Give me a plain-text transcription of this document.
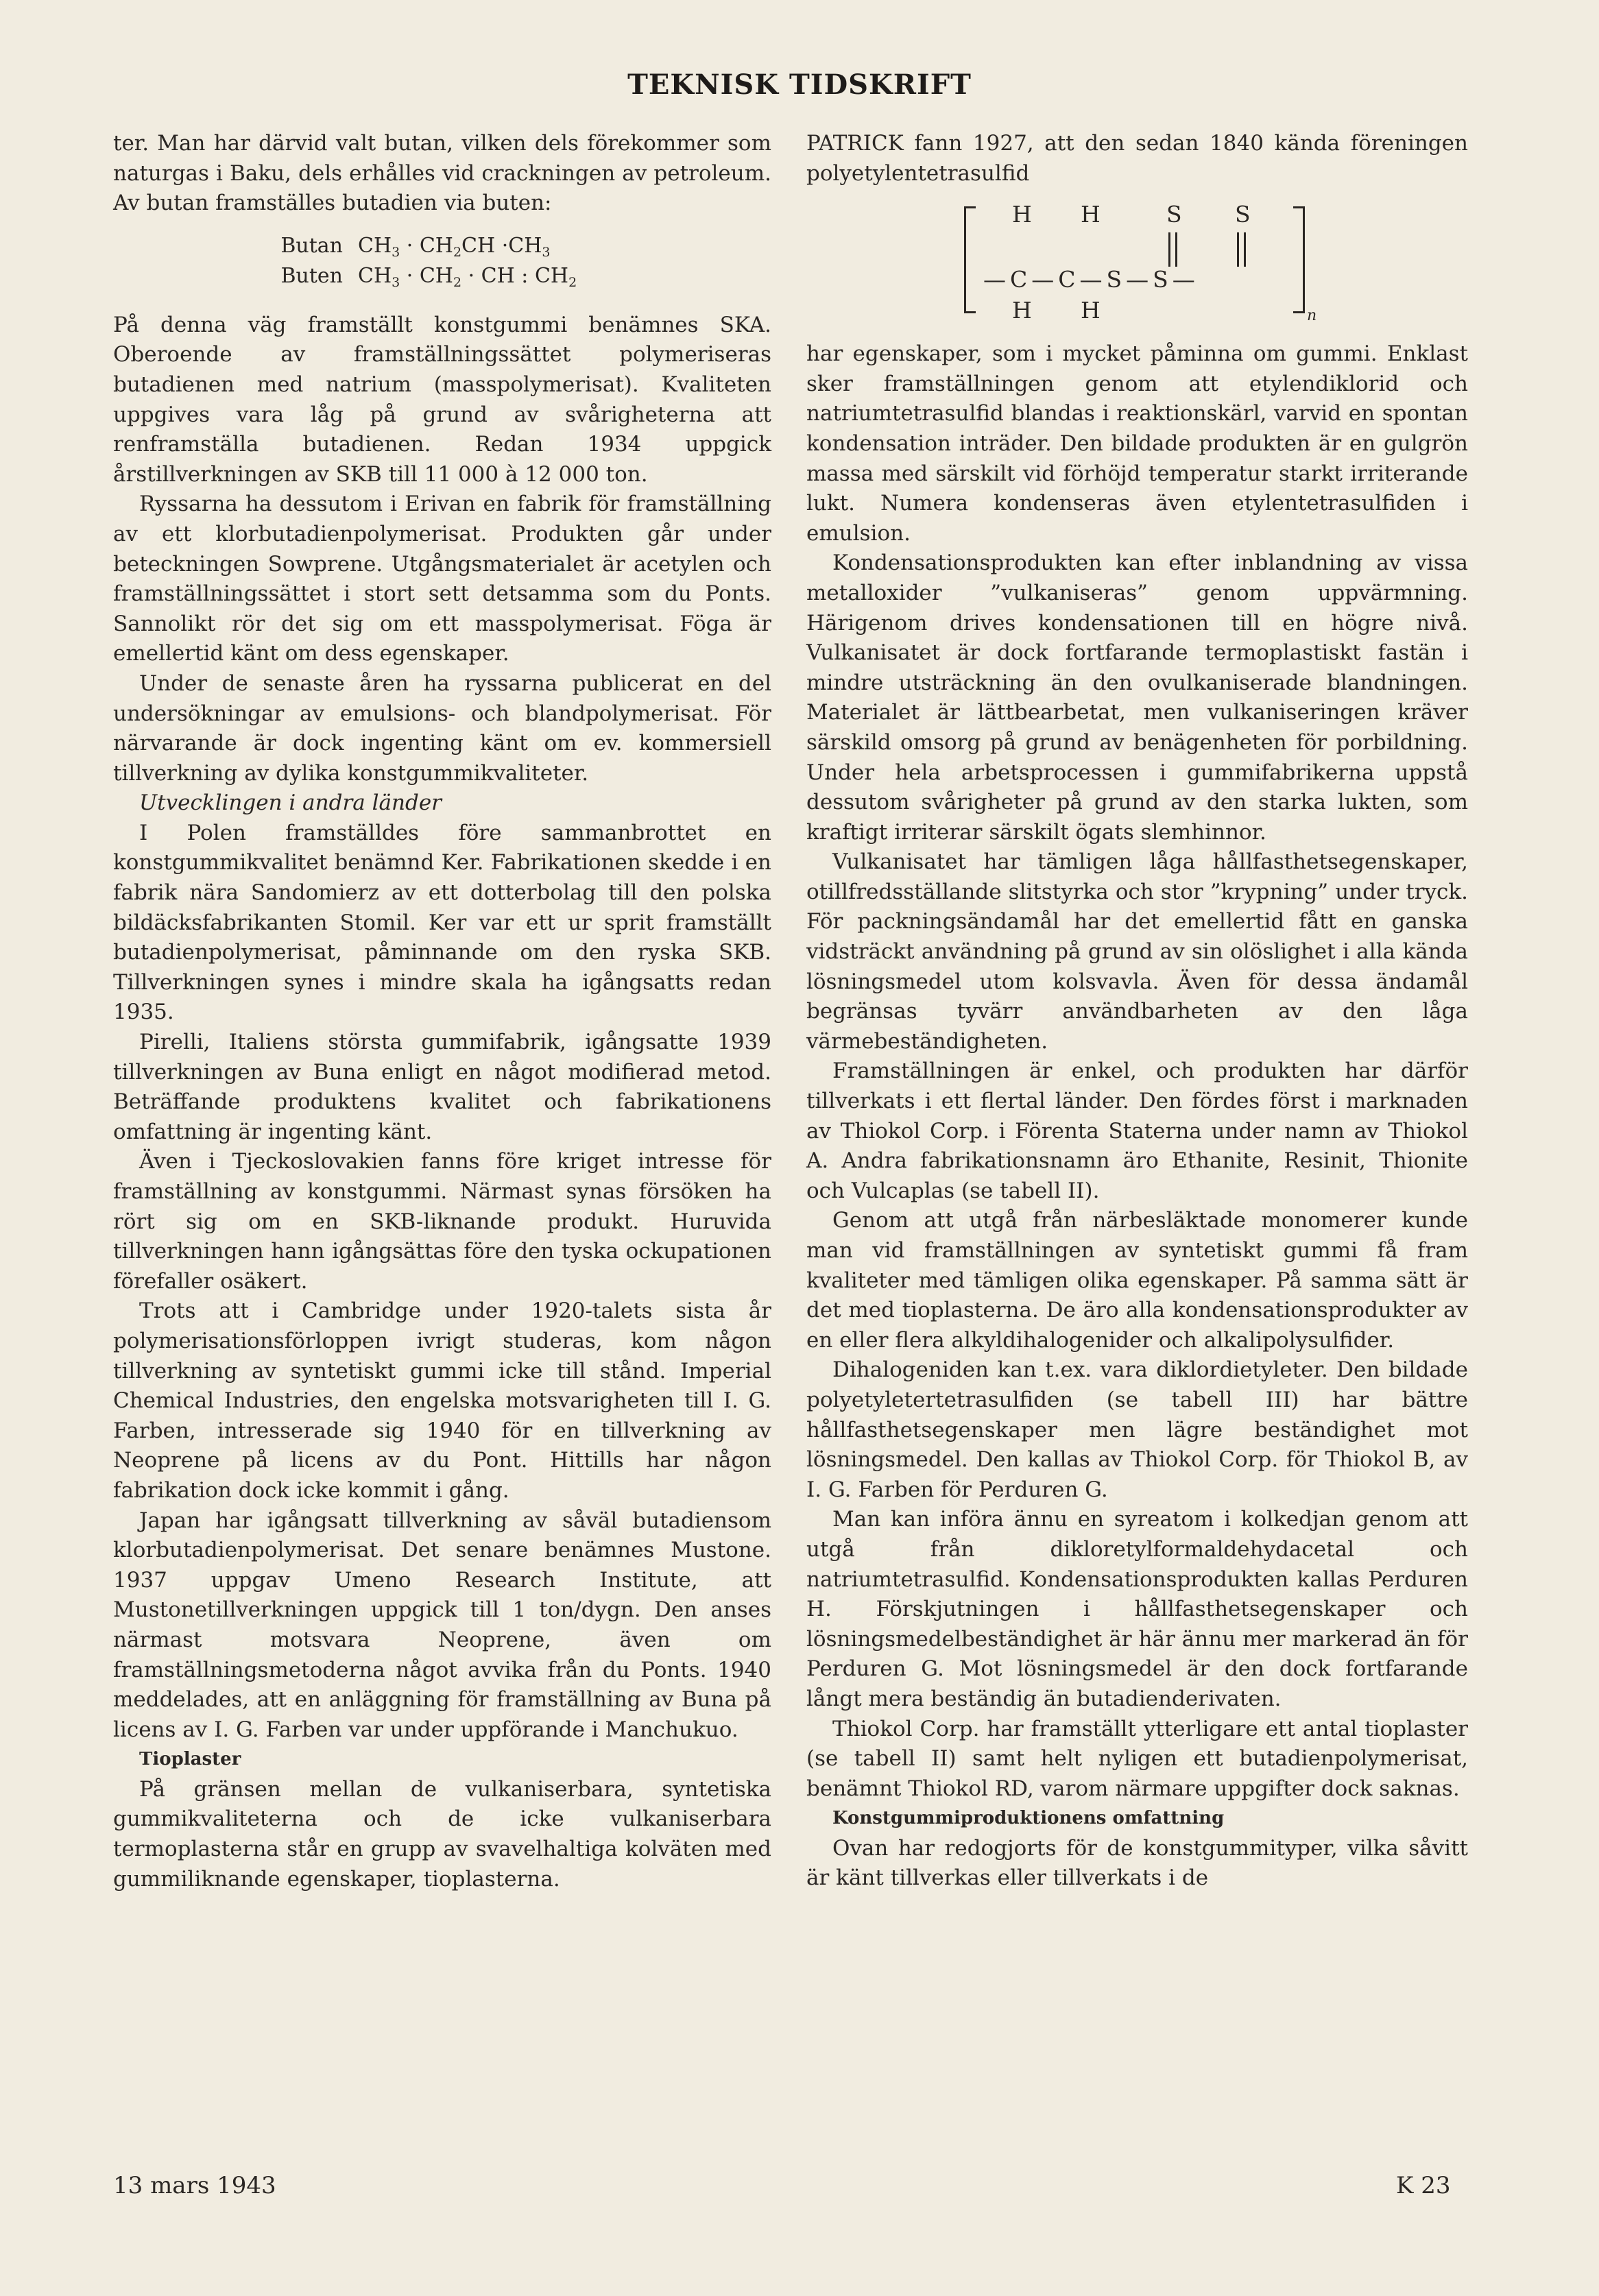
TEKNISK TIDSKRIFT

ter. Man har därvid valt butan, vilken dels förekommer som naturgas i Baku, dels erhålles vid crackningen av petroleum. Av butan framställes butadien via buten:

Butan $CH_3 \cdot CH_2CH \cdot CH_3$
Buten $CH_3 \cdot CH_2$ · CH : $CH_2$

På denna väg framställt konstgummi benämnes SKA. Oberoende av framställningssättet polymeriseras butadienen med natrium (masspolymerisat). Kvaliteten uppgives vara låg på grund av svårigheterna att renframställa butadienen. Redan 1934 uppgick årstillverkningen av SKB till 11 000 à 12 000 ton.

Ryssarna ha dessutom i Erivan en fabrik för framställning av ett klorbutadienpolymerisat. Produkten går under beteckningen Sowprene. Utgångsmaterialet är acetylen och framställningssättet i stort sett detsamma som du Ponts. Sannolikt rör det sig om ett masspolymerisat. Föga är emellertid känt om dess egenskaper.

Under de senaste åren ha ryssarna publicerat en del undersökningar av emulsions- och blandpolymerisat. För närvarande är dock ingenting känt om ev. kommersiell tillverkning av dylika konstgummikvaliteter.

Utvecklingen i andra länder

I Polen framställdes före sammanbrottet en konstgummikvalitet benämnd Ker. Fabrikationen skedde i en fabrik nära Sandomierz av ett dotterbolag till den polska bildäcksfabrikanten Stomil. Ker var ett ur sprit framställt butadienpolymerisat, påminnande om den ryska SKB. Tillverkningen synes i mindre skala ha igångsatts redan 1935.

Pirelli, Italiens största gummifabrik, igångsatte 1939 tillverkningen av Buna enligt en något modifierad metod. Beträffande produktens kvalitet och fabrikationens omfattning är ingenting känt.

Även i Tjeckoslovakien fanns före kriget intresse för framställning av konstgummi. Närmast synas försöken ha rört sig om en SKB-liknande produkt. Huruvida tillverkningen hann igångsättas före den tyska ockupationen förefaller osäkert.

Trots att i Cambridge under 1920-talets sista år polymerisationsförloppen ivrigt studeras, kom någon tillverkning av syntetiskt gummi icke till stånd. Imperial Chemical Industries, den engelska motsvarigheten till I. G. Farben, intresserade sig 1940 för en tillverkning av Neoprene på licens av du Pont. Hittills har någon fabrikation dock icke kommit i gång.

Japan har igångsatt tillverkning av såväl butadiensom klorbutadienpolymerisat. Det senare benämnes Mustone. 1937 uppgav Umeno Research Institute, att Mustonetillverkningen uppgick till 1 ton/dygn. Den anses närmast motsvara Neoprene, även om framställningsmetoderna något avvika från du Ponts. 1940 meddelades, att en anläggning för framställning av Buna på licens av I. G. Farben var under uppförande i Manchukuo.

Tioplaster

På gränsen mellan de vulkaniserbara, syntetiska gummikvaliteterna och de icke vulkaniserbara termoplasterna står en grupp av svavelhaltiga kolväten med gummiliknande egenskaper, tioplasterna.

PATRICK fann 1927, att den sedan 1840 kända föreningen polyetylentetrasulfid

H H	S S
—C—C—S—S—
H H	n

har egenskaper, som i mycket påminna om gummi. Enklast sker framställningen genom att etylendiklorid och natriumtetrasulfid blandas i reaktionskärl, varvid en spontan kondensation inträder. Den bildade produkten är en gulgrön massa med särskilt vid förhöjd temperatur starkt irriterande lukt. Numera kondenseras även etylentetrasulfiden i emulsion.

Kondensationsprodukten kan efter inblandning av vissa metalloxider ”vulkaniseras” genom uppvärmning. Härigenom drives kondensationen till en högre nivå. Vulkanisatet är dock fortfarande termoplastiskt fastän i mindre utsträckning än den ovulkaniserade blandningen. Materialet är lättbearbetat, men vulkaniseringen kräver särskild omsorg på grund av benägenheten för porbildning. Under hela arbetsprocessen i gummifabrikerna uppstå dessutom svårigheter på grund av den starka lukten, som kraftigt irriterar särskilt ögats slemhinnor.

Vulkanisatet har tämligen låga hållfasthetsegenskaper, otillfredsställande slitstyrka och stor ”krypning” under tryck. För packningsändamål har det emellertid fått en ganska vidsträckt användning på grund av sin olöslighet i alla kända lösningsmedel utom kolsvavla. Även för dessa ändamål begränsas tyvärr användbarheten av den låga värmebeständigheten.

Framställningen är enkel, och produkten har därför tillverkats i ett flertal länder. Den fördes först i marknaden av Thiokol Corp. i Förenta Staterna under namn av Thiokol A. Andra fabrikationsnamn äro Ethanite, Resinit, Thionite och Vulcaplas (se tabell II).

Genom att utgå från närbesläktade monomerer kunde man vid framställningen av syntetiskt gummi få fram kvaliteter med tämligen olika egenskaper. På samma sätt är det med tioplasterna. De äro alla kondensationsprodukter av en eller flera alkyldihalogenider och alkalipolysulfider.

Dihalogeniden kan t.ex. vara diklordietyleter. Den bildade polyetyletertetrasulfiden (se tabell III) har bättre hållfasthetsegenskaper men lägre beständighet mot lösningsmedel. Den kallas av Thiokol Corp. för Thiokol B, av I. G. Farben för Perduren G.

Man kan införa ännu en syreatom i kolkedjan genom att utgå från dikloretylformaldehydacetal och natriumtetrasulfid. Kondensationsprodukten kallas Perduren H. Förskjutningen i hållfasthetsegenskaper och lösningsmedelbeständighet är här ännu mer markerad än för Perduren G. Mot lösningsmedel är den dock fortfarande långt mera beständig än butadienderivaten.

Thiokol Corp. har framställt ytterligare ett antal tioplaster (se tabell II) samt helt nyligen ett butadienpolymerisat, benämnt Thiokol RD, varom närmare uppgifter dock saknas.

Konstgummiproduktionens omfattning

Ovan har redogjorts för de konstgummityper, vilka såvitt är känt tillverkas eller tillverkats i de

13 mars 1943	K 23
